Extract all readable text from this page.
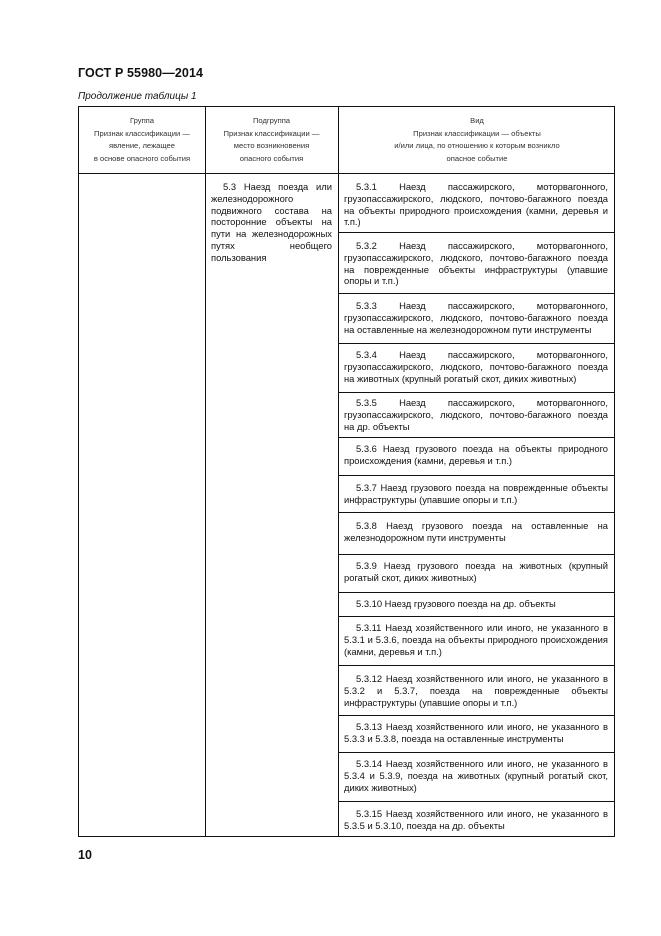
ГОСТ Р 55980—2014
Продолжение таблицы 1
Группа
Признак классификации —
явление, лежащее
в основе опасного события
Подгруппа
Признак классификации —
место возникновения
опасного события
Вид
Признак классификации — объекты
и/или лица, по отношению к которым возникло
опасное событие
5.3 Наезд поезда или железнодорожного подвижного состава на посторонние объекты на пути на железнодорожных путях необщего пользования
5.3.1 Наезд пассажирского, моторвагонного, грузопассажирского, людского, почтово-багажного поезда на объекты природного происхождения (камни, деревья и т.п.)
5.3.2 Наезд пассажирского, моторвагонного, грузопассажирского, людского, почтово-багажного поезда на поврежденные объекты инфраструктуры (упавшие опоры и т.п.)
5.3.3 Наезд пассажирского, моторвагонного, грузопассажирского, людского, почтово-багажного поезда на оставленные на железнодорожном пути инструменты
5.3.4 Наезд пассажирского, моторвагонного, грузопассажирского, людского, почтово-багажного поезда на животных (крупный рогатый скот, диких животных)
5.3.5 Наезд пассажирского, моторвагонного, грузопассажирского, людского, почтово-багажного поезда на др. объекты
5.3.6 Наезд грузового поезда на объекты природного происхождения (камни, деревья и т.п.)
5.3.7 Наезд грузового поезда на поврежденные объекты инфраструктуры (упавшие опоры и т.п.)
5.3.8 Наезд грузового поезда на оставленные на железнодорожном пути инструменты
5.3.9 Наезд грузового поезда на животных (крупный рогатый скот, диких животных)
5.3.10 Наезд грузового поезда на др. объекты
5.3.11 Наезд хозяйственного или иного, не указанного в 5.3.1 и 5.3.6, поезда на объекты природного происхождения (камни, деревья и т.п.)
5.3.12 Наезд хозяйственного или иного, не указанного в 5.3.2 и 5.3.7, поезда на поврежденные объекты инфраструктуры (упавшие опоры и т.п.)
5.3.13 Наезд хозяйственного или иного, не указанного в 5.3.3 и 5.3.8, поезда на оставленные инструменты
5.3.14 Наезд хозяйственного или иного, не указанного в 5.3.4 и 5.3.9, поезда на животных (крупный рогатый скот, диких животных)
5.3.15 Наезд хозяйственного или иного, не указанного в 5.3.5 и 5.3.10, поезда на др. объекты
10
